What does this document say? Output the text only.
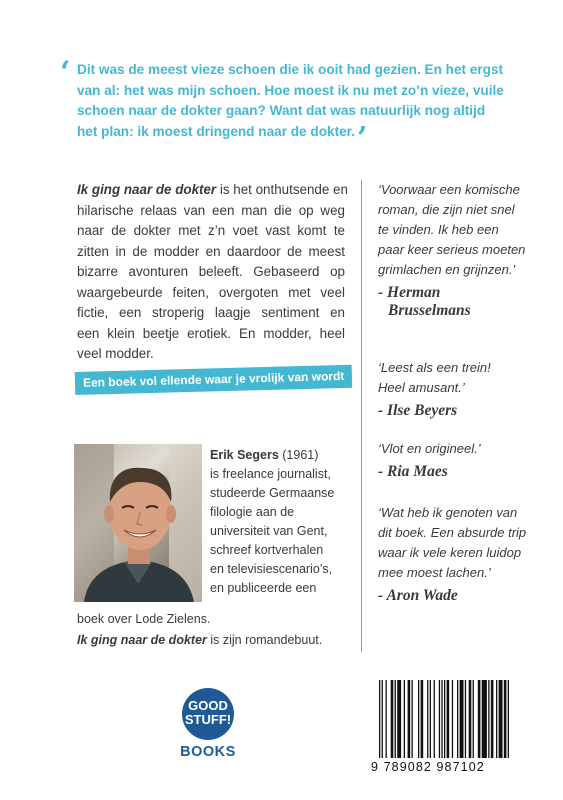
‘ Dit was de meest vieze schoen die ik ooit had gezien. En het ergst
van al: het was mijn schoen. Hoe moest ik nu met zo’n vieze, vuile
schoen naar de dokter gaan? Want dat was natuurlijk nog altijd
het plan: ik moest dringend naar de dokter. ’
Ik ging naar de dokter is het onthutsende en
hilarische relaas van een man die op weg
naar de dokter met z’n voet vast komt te
zitten in de modder en daardoor de meest
bizarre avonturen beleeft. Gebaseerd op
waargebeurde feiten, overgoten met veel
fictie, een stroperig laagje sentiment en
een klein beetje erotiek. En modder, heel
veel modder.
Een boek vol ellende waar je vrolijk van wordt
‘Voorwaar een komische
roman, die zijn niet snel
te vinden. Ik heb een
paar keer serieus moeten
grimlachen en grijnzen.’
- Herman
Brusselmans
‘Leest als een trein!
Heel amusant.’
- Ilse Beyers
‘Vlot en origineel.’
- Ria Maes
‘Wat heb ik genoten van
dit boek. Een absurde trip
waar ik vele keren luidop
mee moest lachen.’
- Aron Wade
Erik Segers (1961)
is freelance journalist,
studeerde Germaanse
filologie aan de
universiteit van Gent,
schreef kortverhalen
en televisiescenario’s,
en publiceerde een
boek over Lode Zielens.
Ik ging naar de dokter is zijn romandebuut.
GOOD
STUFF!
BOOKS
9 789082 987102
